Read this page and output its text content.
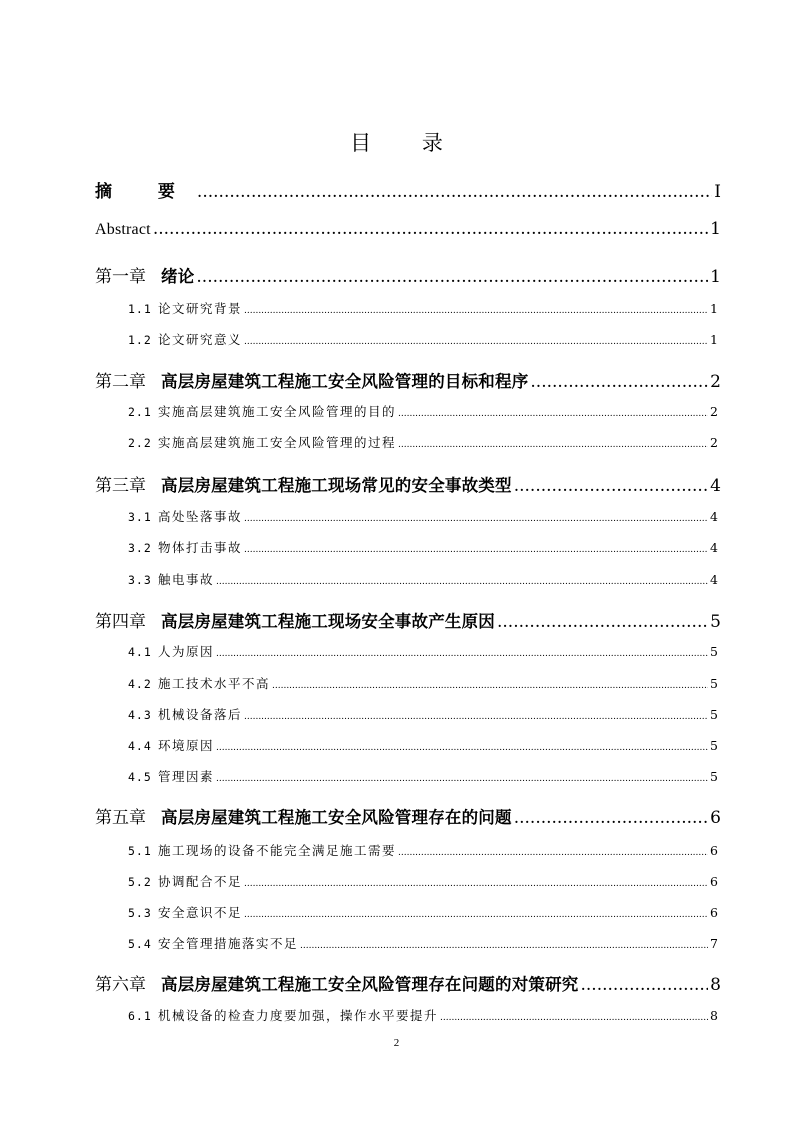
目 录
摘 要 .....	I
Abstract .....	1
第一章 绪论 .....	1
1.1 论文研究背景 .....	1
1.2 论文研究意义 .....	1
第二章 高层房屋建筑工程施工安全风险管理的目标和程序 .....	2
2.1 实施高层建筑施工安全风险管理的目的 .....	2
2.2 实施高层建筑施工安全风险管理的过程 .....	2
第三章 高层房屋建筑工程施工现场常见的安全事故类型 .....	4
3.1 高处坠落事故 .....	4
3.2 物体打击事故 .....	4
3.3 触电事故 .....	4
第四章 高层房屋建筑工程施工现场安全事故产生原因 .....	5
4.1 人为原因 .....	5
4.2 施工技术水平不高 .....	5
4.3 机械设备落后 .....	5
4.4 环境原因 .....	5
4.5 管理因素 .....	5
第五章 高层房屋建筑工程施工安全风险管理存在的问题 .....	6
5.1 施工现场的设备不能完全满足施工需要 .....	6
5.2 协调配合不足 .....	6
5.3 安全意识不足 .....	6
5.4 安全管理措施落实不足 .....	7
第六章 高层房屋建筑工程施工安全风险管理存在问题的对策研究 .....	8
6.1 机械设备的检查力度要加强，操作水平要提升 .....	8
2
